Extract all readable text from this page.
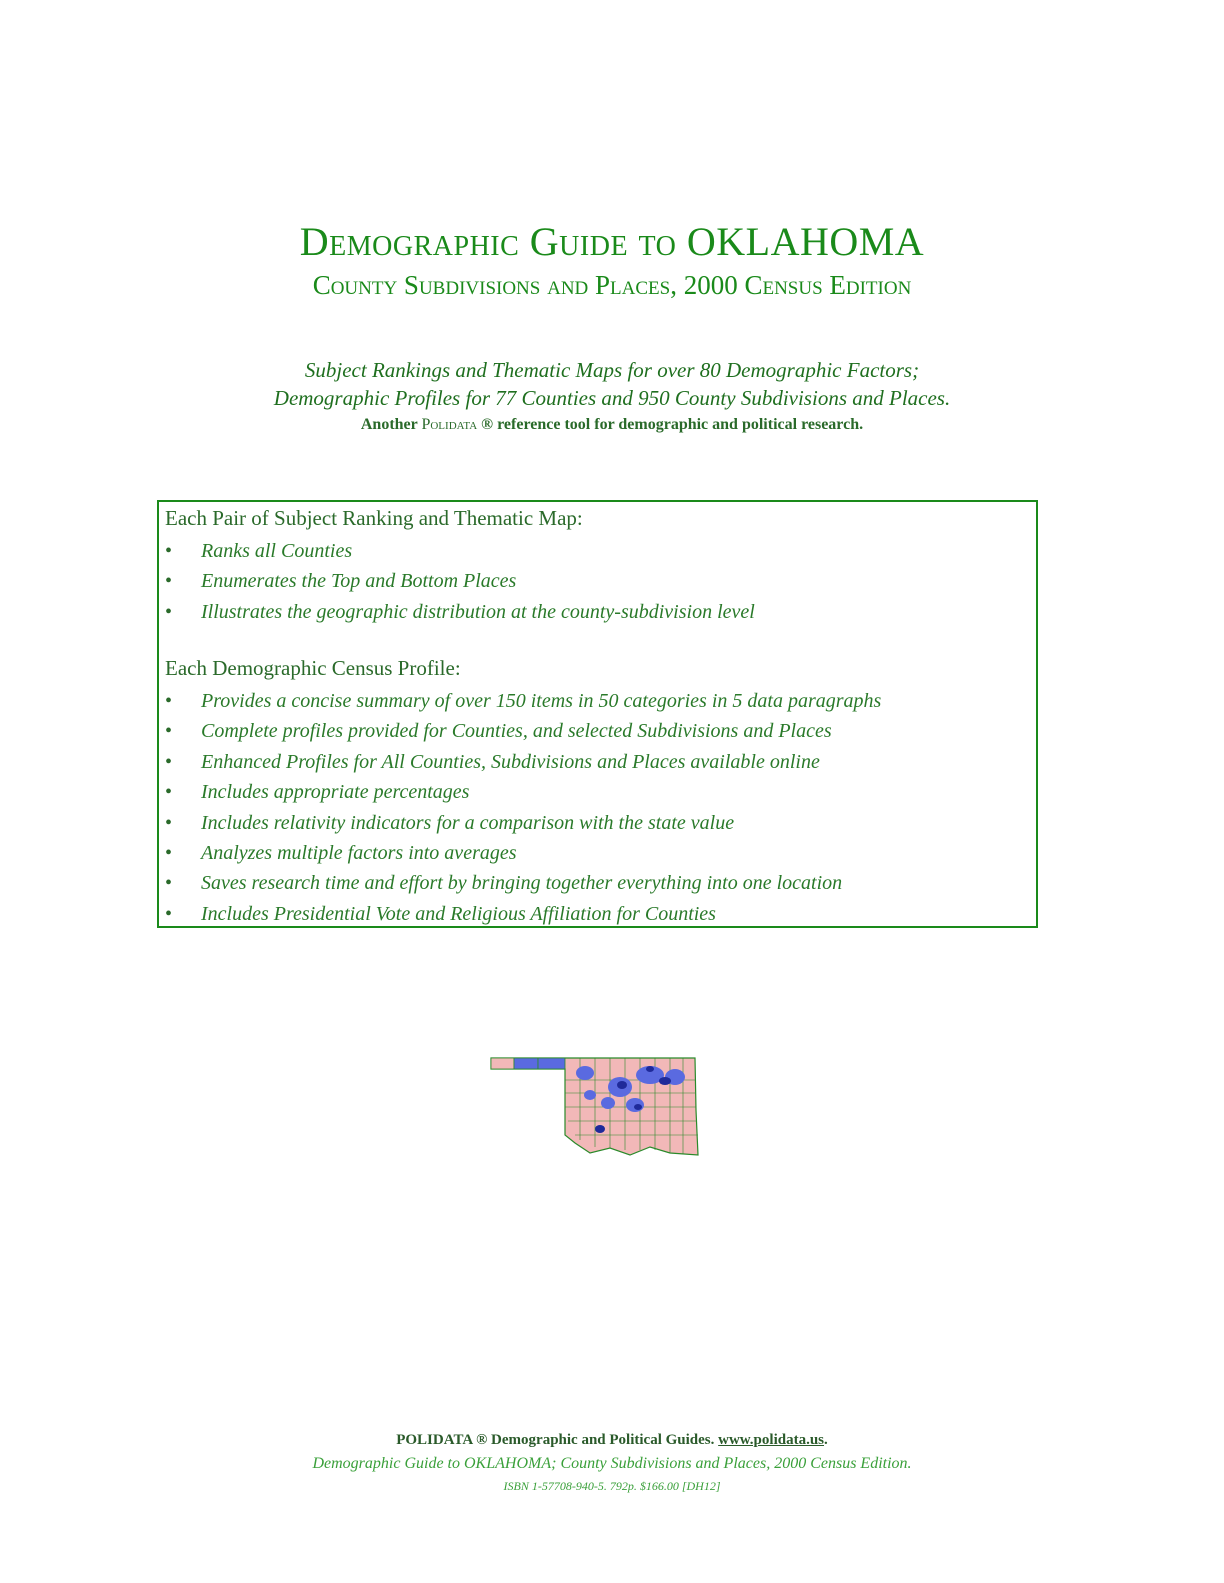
Demographic Guide to OKLAHOMA
County Subdivisions and Places, 2000 Census Edition
Subject Rankings and Thematic Maps for over 80 Demographic Factors;
Demographic Profiles for 77 Counties and 950 County Subdivisions and Places.
Another Polidata ® reference tool for demographic and political research.
Each Pair of Subject Ranking and Thematic Map:
• Ranks all Counties
• Enumerates the Top and Bottom Places
• Illustrates the geographic distribution at the county-subdivision level
Each Demographic Census Profile:
• Provides a concise summary of over 150 items in 50 categories in 5 data paragraphs
• Complete profiles provided for Counties, and selected Subdivisions and Places
• Enhanced Profiles for All Counties, Subdivisions and Places available online
• Includes appropriate percentages
• Includes relativity indicators for a comparison with the state value
• Analyzes multiple factors into averages
• Saves research time and effort by bringing together everything into one location
• Includes Presidential Vote and Religious Affiliation for Counties
POLIDATA ® Demographic and Political Guides. www.polidata.us.
Demographic Guide to OKLAHOMA; County Subdivisions and Places, 2000 Census Edition.
ISBN 1-57708-940-5. 792p. $166.00 [DH12]
